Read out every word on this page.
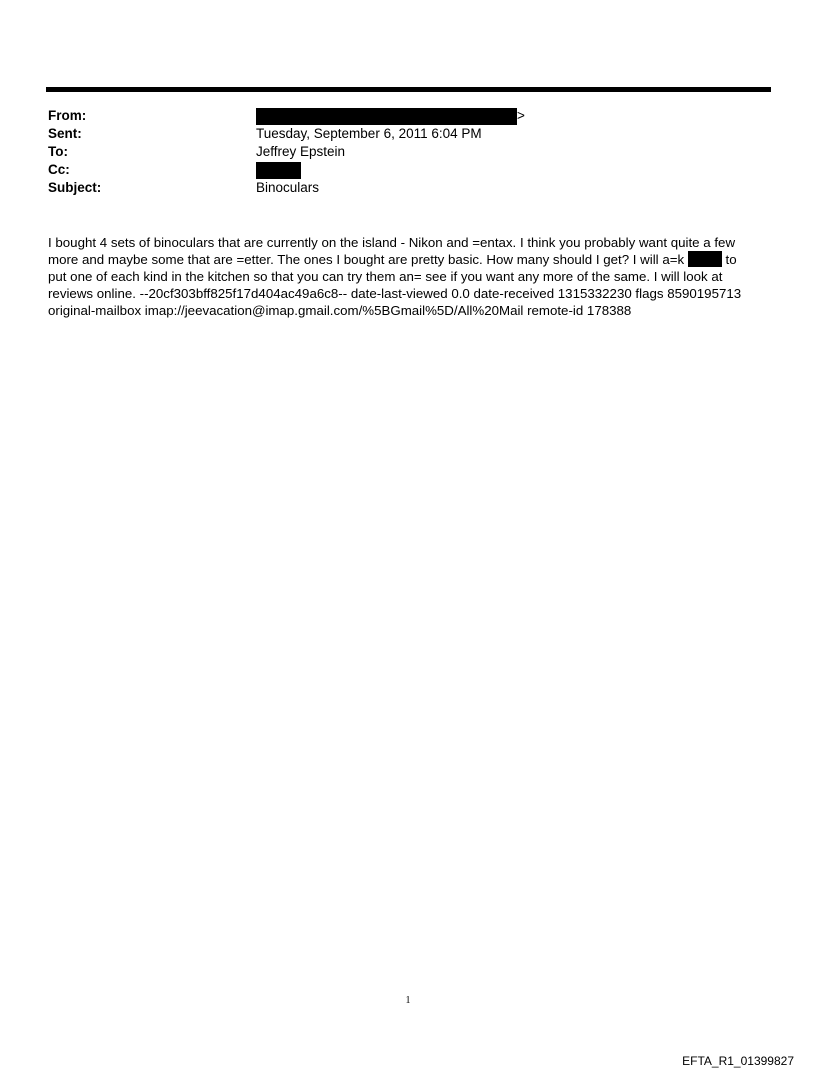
From:	>
Sent:	Tuesday, September 6, 2011 6:04 PM
To:	Jeffrey Epstein
Cc:
Subject:	Binoculars
I bought 4 sets of binoculars that are currently on the island - Nikon and =entax. I think you probably want quite a few
more and maybe some that are =etter. The ones I bought are pretty basic. How many should I get? I will a=k	to
put one of each kind in the kitchen so that you can try them an= see if you want any more of the same. I will look at
reviews online. --20cf303bff825f17d404ac49a6c8-- date-last-viewed 0.0 date-received 1315332230 flags 8590195713
original-mailbox imap://jeevacation@imap.gmail.com/%5BGmail%5D/All%20Mail remote-id 178388
1
EFTA_R1_01399827
